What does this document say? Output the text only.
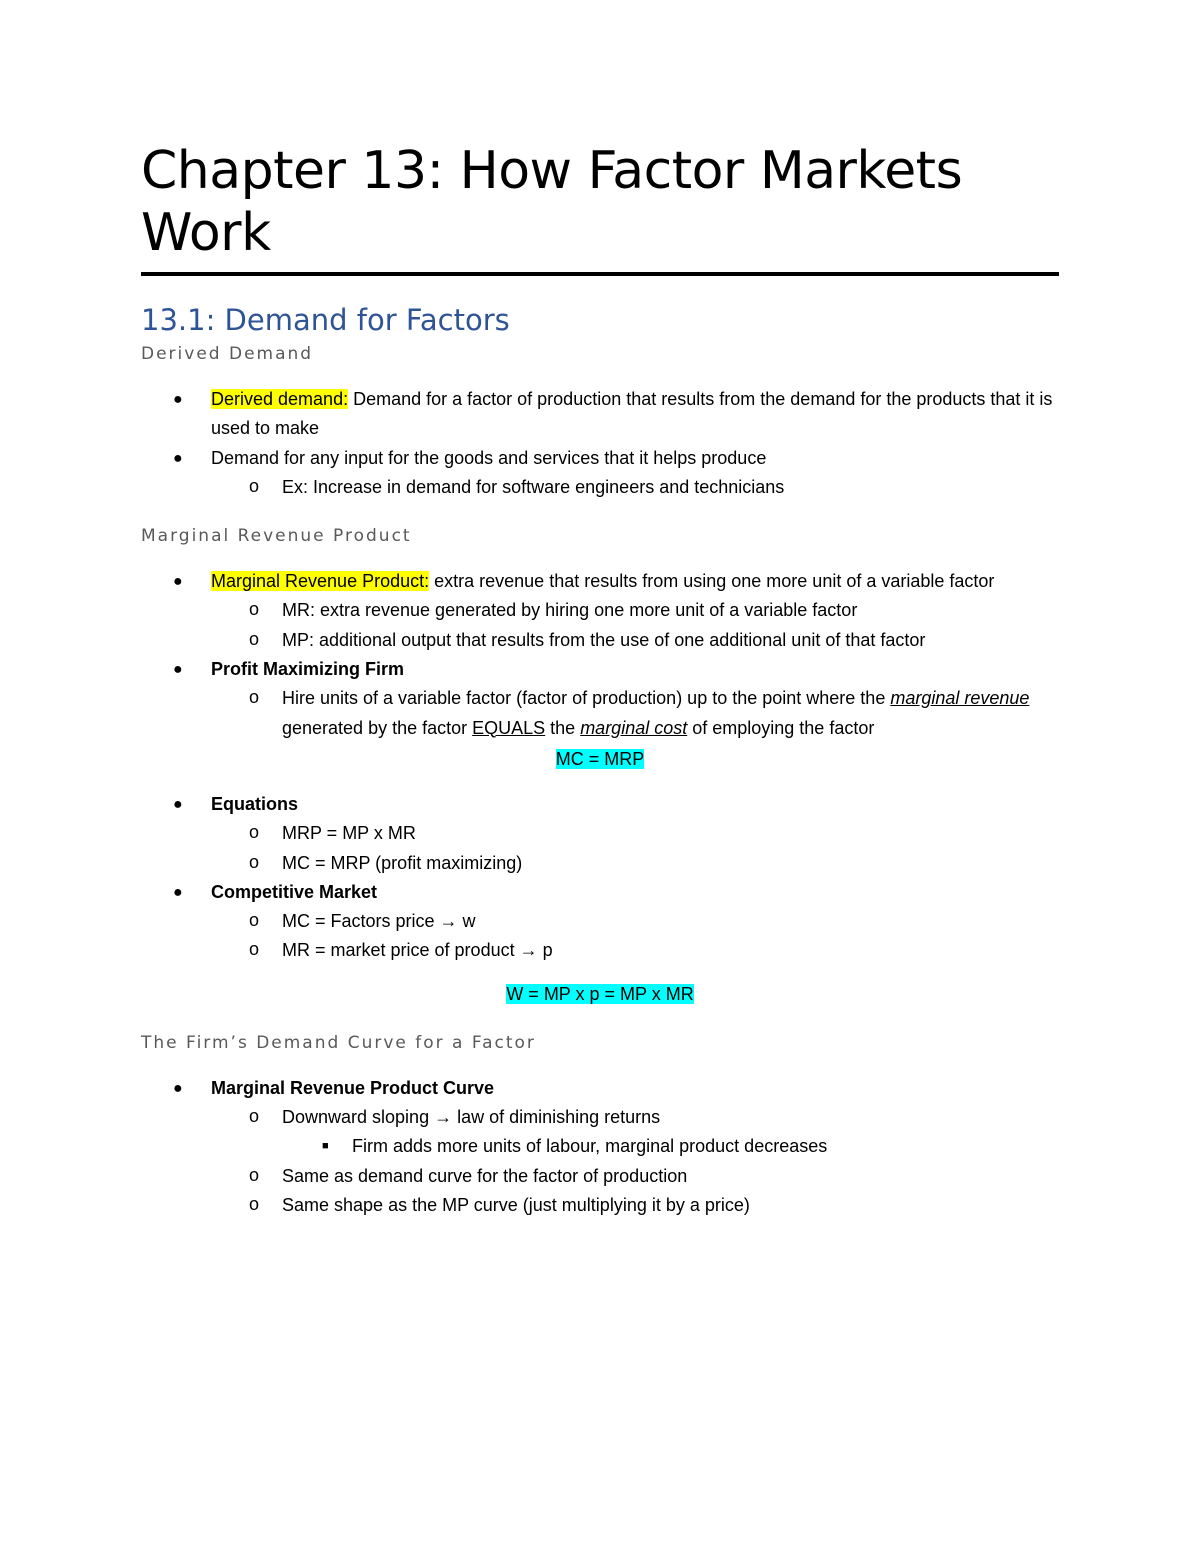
Chapter 13: How Factor Markets Work
13.1: Demand for Factors
Derived Demand
● Derived demand: Demand for a factor of production that results from the demand for the products that it is used to make
● Demand for any input for the goods and services that it helps produce
o Ex: Increase in demand for software engineers and technicians
Marginal Revenue Product
● Marginal Revenue Product: extra revenue that results from using one more unit of a variable factor
o MR: extra revenue generated by hiring one more unit of a variable factor
o MP: additional output that results from the use of one additional unit of that factor
● Profit Maximizing Firm
o Hire units of a variable factor (factor of production) up to the point where the marginal revenue generated by the factor EQUALS the marginal cost of employing the factor
MC = MRP
● Equations
o MRP = MP x MR
o MC = MRP (profit maximizing)
● Competitive Market
o MC = Factors price → w
o MR = market price of product → p
W = MP x p = MP x MR
The Firm’s Demand Curve for a Factor
● Marginal Revenue Product Curve
o Downward sloping → law of diminishing returns
■ Firm adds more units of labour, marginal product decreases
o Same as demand curve for the factor of production
o Same shape as the MP curve (just multiplying it by a price)
